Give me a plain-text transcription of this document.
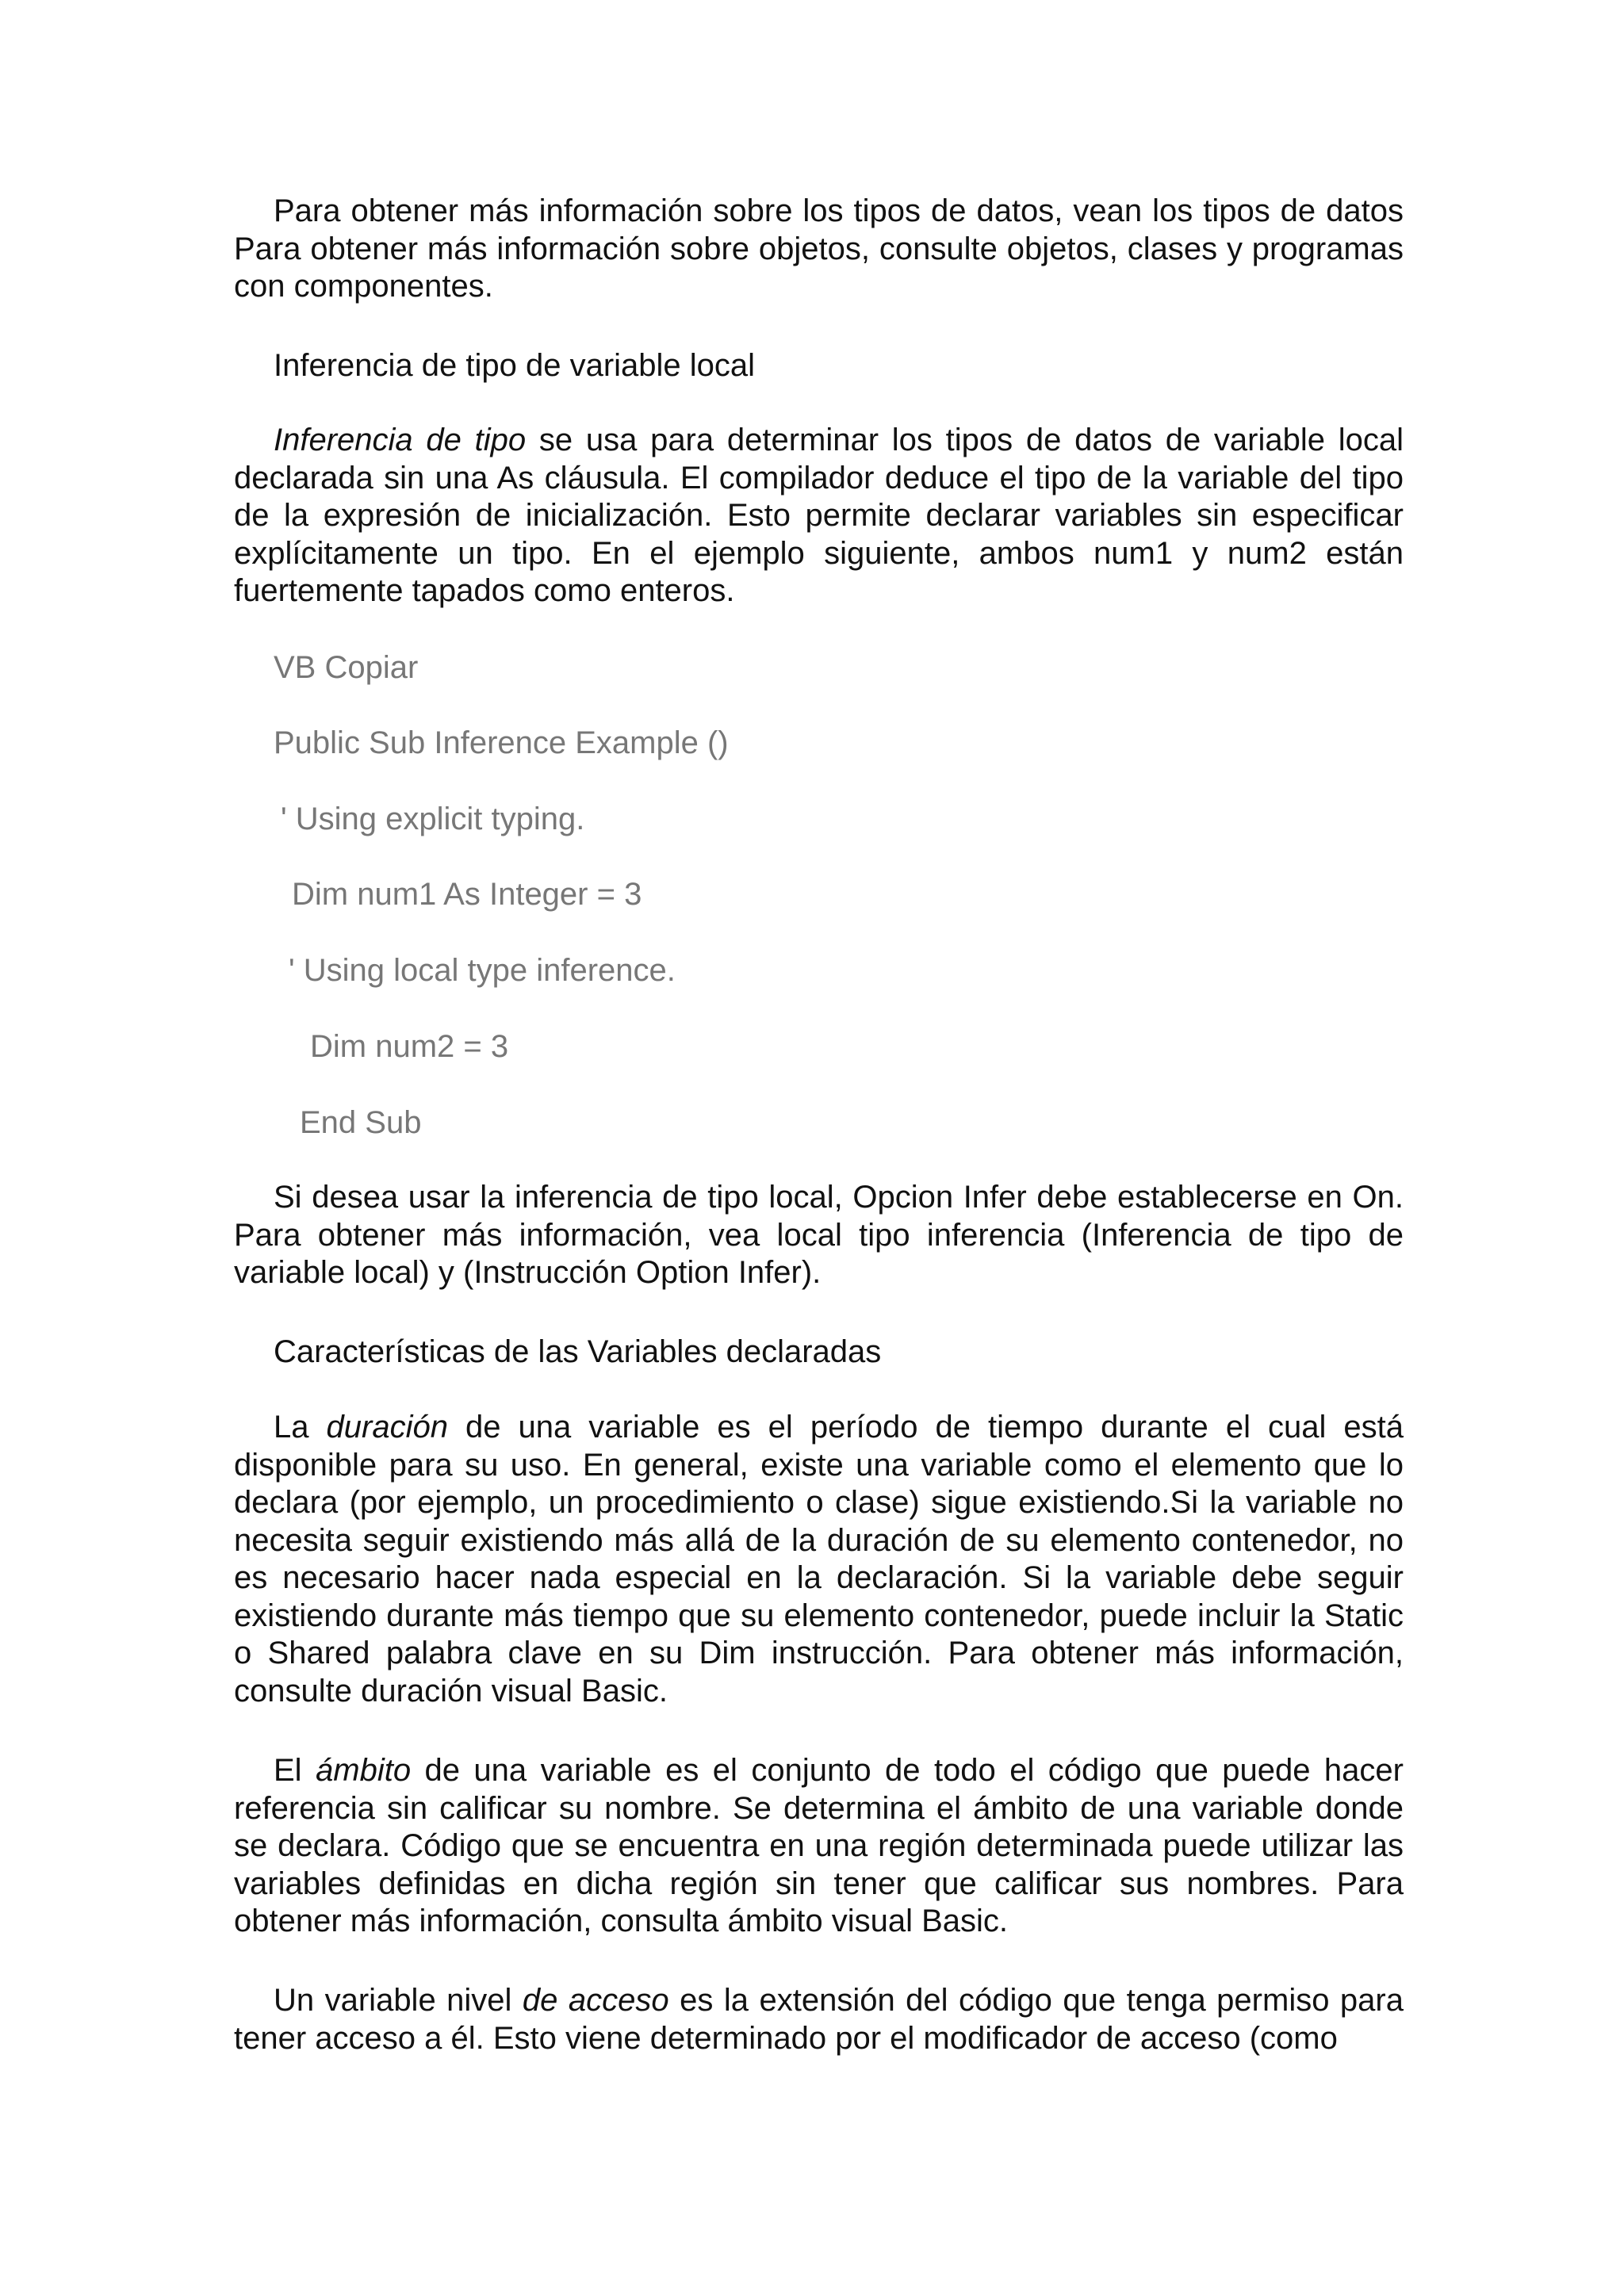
Para obtener más información sobre los tipos de datos, vean los tipos de datos Para obtener más información sobre objetos, consulte objetos, clases y programas con componentes.

Inferencia de tipo de variable local

Inferencia de tipo se usa para determinar los tipos de datos de variable local declarada sin una As cláusula. El compilador deduce el tipo de la variable del tipo de la expresión de inicialización. Esto permite declarar variables sin especificar explícitamente un tipo. En el ejemplo siguiente, ambos num1 y num2 están fuertemente tapados como enteros.

VB Copiar

Public Sub Inference Example ()

' Using explicit typing.

Dim num1 As Integer = 3

' Using local type inference.

Dim num2 = 3

End Sub

Si desea usar la inferencia de tipo local, Opcion Infer debe establecerse en On. Para obtener más información, vea local tipo inferencia (Inferencia de tipo de variable local) y (Instrucción Option Infer).

Características de las Variables declaradas

La duración de una variable es el período de tiempo durante el cual está disponible para su uso. En general, existe una variable como el elemento que lo declara (por ejemplo, un procedimiento o clase) sigue existiendo.Si la variable no necesita seguir existiendo más allá de la duración de su elemento contenedor, no es necesario hacer nada especial en la declaración. Si la variable debe seguir existiendo durante más tiempo que su elemento contenedor, puede incluir la Static o Shared palabra clave en su Dim instrucción. Para obtener más información, consulte duración visual Basic.

El ámbito de una variable es el conjunto de todo el código que puede hacer referencia sin calificar su nombre. Se determina el ámbito de una variable donde se declara. Código que se encuentra en una región determinada puede utilizar las variables definidas en dicha región sin tener que calificar sus nombres. Para obtener más información, consulta ámbito visual Basic.

Un variable nivel de acceso es la extensión del código que tenga permiso para tener acceso a él. Esto viene determinado por el modificador de acceso (como
